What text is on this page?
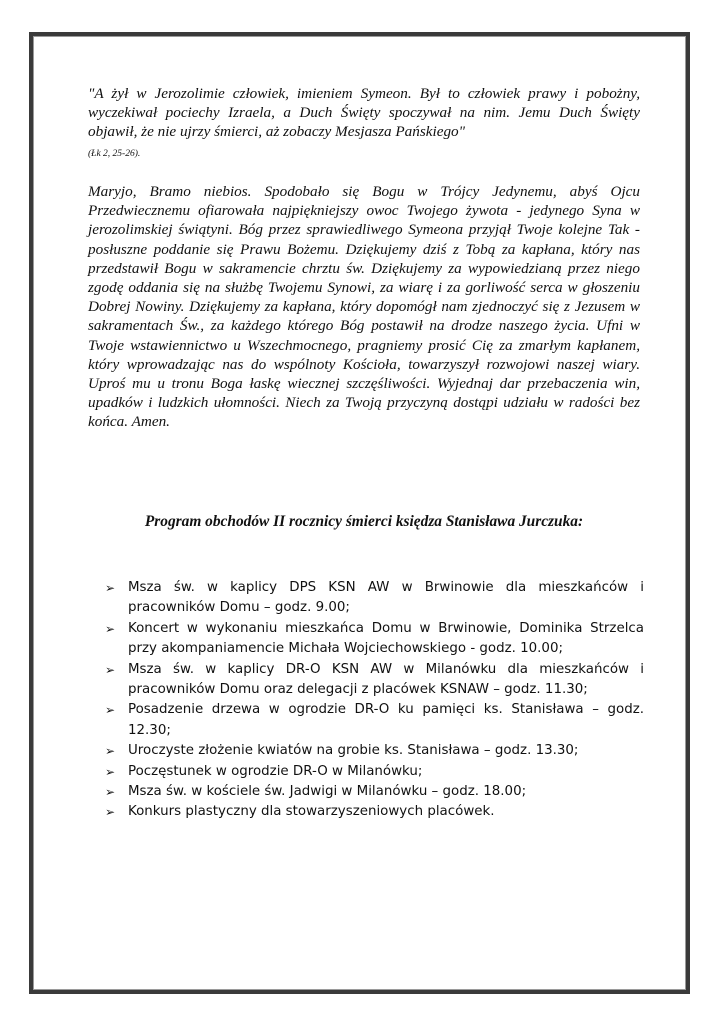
"A żył w Jerozolimie człowiek, imieniem Symeon. Był to człowiek prawy i pobożny, wyczekiwał pociechy Izraela, a Duch Święty spoczywał na nim. Jemu Duch Święty objawił, że nie ujrzy śmierci, aż zobaczy Mesjasza Pańskiego"
(Łk 2, 25-26).

Maryjo, Bramo niebios. Spodobało się Bogu w Trójcy Jedynemu, abyś Ojcu Przedwiecznemu ofiarowała najpiękniejszy owoc Twojego żywota - jedynego Syna w jerozolimskiej świątyni. Bóg przez sprawiedliwego Symeona przyjął Twoje kolejne Tak - posłuszne poddanie się Prawu Bożemu. Dziękujemy dziś z Tobą za kapłana, który nas przedstawił Bogu w sakramencie chrztu św. Dziękujemy za wypowiedzianą przez niego zgodę oddania się na służbę Twojemu Synowi, za wiarę i za gorliwość serca w głoszeniu Dobrej Nowiny. Dziękujemy za kapłana, który dopomógł nam zjednoczyć się z Jezusem w sakramentach Św., za każdego którego Bóg postawił na drodze naszego życia. Ufni w Twoje wstawiennictwo u Wszechmocnego, pragniemy prosić Cię za zmarłym kapłanem, który wprowadzając nas do wspólnoty Kościoła, towarzyszył rozwojowi naszej wiary. Uproś mu u tronu Boga łaskę wiecznej szczęśliwości. Wyjednaj dar przebaczenia win, upadków i ludzkich ułomności. Niech za Twoją przyczyną dostąpi udziału w radości bez końca. Amen.

Program obchodów II rocznicy śmierci księdza Stanisława Jurczuka:

➢ Msza św. w kaplicy DPS KSN AW w Brwinowie dla mieszkańców i pracowników Domu – godz. 9.00;
➢ Koncert w wykonaniu mieszkańca Domu w Brwinowie, Dominika Strzelca przy akompaniamencie Michała Wojciechowskiego - godz. 10.00;
➢ Msza św. w kaplicy DR-O KSN AW w Milanówku dla mieszkańców i pracowników Domu oraz delegacji z placówek KSNAW – godz. 11.30;
➢ Posadzenie drzewa w ogrodzie DR-O ku pamięci ks. Stanisława – godz. 12.30;
➢ Uroczyste złożenie kwiatów na grobie ks. Stanisława – godz. 13.30;
➢ Poczęstunek w ogrodzie DR-O w Milanówku;
➢ Msza św. w kościele św. Jadwigi w Milanówku – godz. 18.00;
➢ Konkurs plastyczny dla stowarzyszeniowych placówek.
